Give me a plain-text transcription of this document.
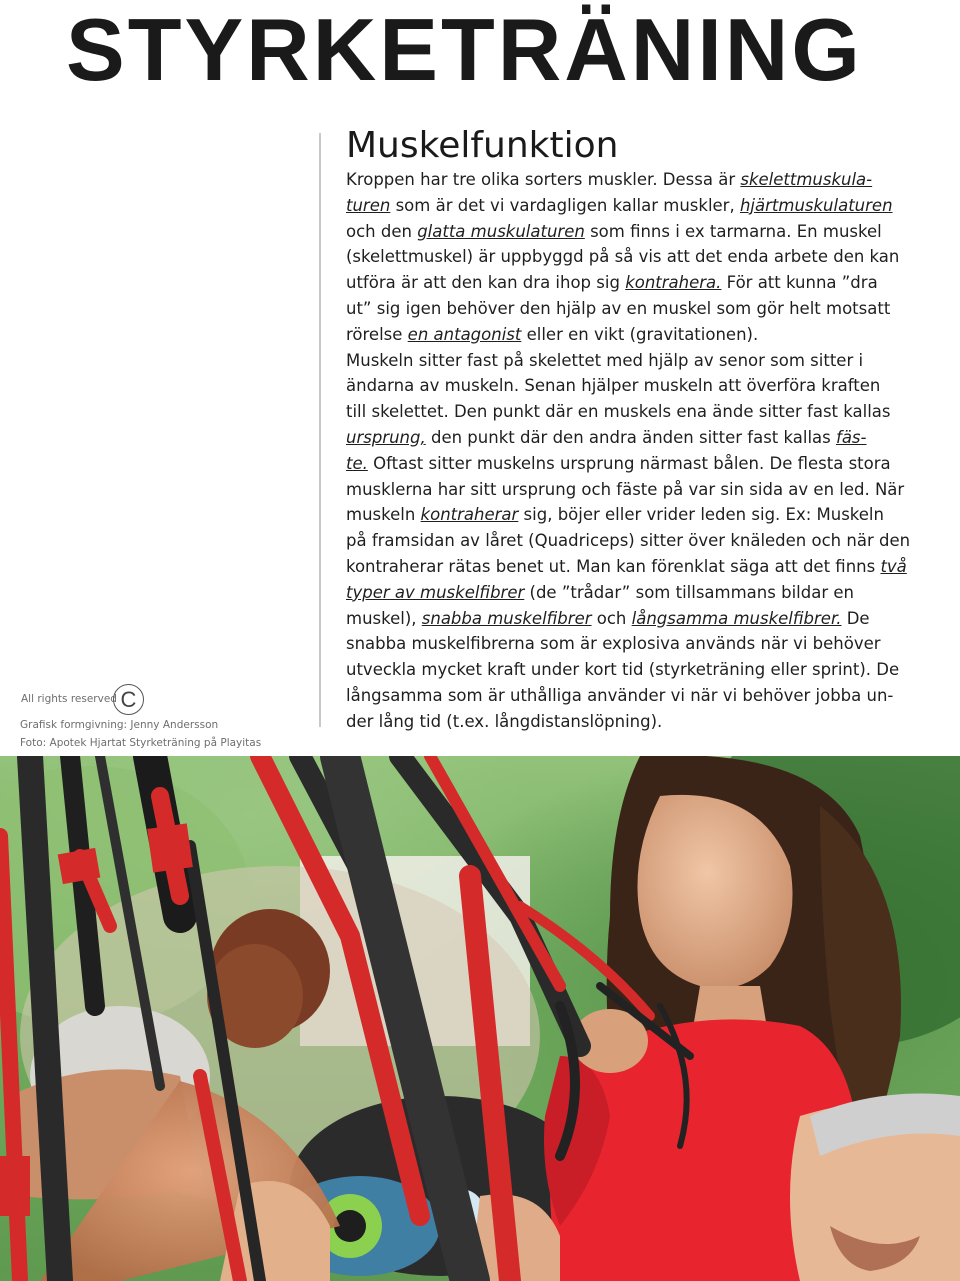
STYRKETRÄNING
All rights reserved C
Grafisk formgivning: Jenny Andersson
Foto: Apotek Hjartat Styrketräning på Playitas
Muskelfunktion
Kroppen har tre olika sorters muskler. Dessa är skelettmuskula-
turen som är det vi vardagligen kallar muskler, hjärtmuskulaturen
och den glatta muskulaturen som finns i ex tarmarna. En muskel
(skelettmuskel) är uppbyggd på så vis att det enda arbete den kan
utföra är att den kan dra ihop sig kontrahera. För att kunna ”dra
ut” sig igen behöver den hjälp av en muskel som gör helt motsatt
rörelse en antagonist eller en vikt (gravitationen).
Muskeln sitter fast på skelettet med hjälp av senor som sitter i
ändarna av muskeln. Senan hjälper muskeln att överföra kraften
till skelettet. Den punkt där en muskels ena ände sitter fast kallas
ursprung, den punkt där den andra änden sitter fast kallas fäs-
te. Oftast sitter muskelns ursprung närmast bålen. De flesta stora
musklerna har sitt ursprung och fäste på var sin sida av en led. När
muskeln kontraherar sig, böjer eller vrider leden sig. Ex: Muskeln
på framsidan av låret (Quadriceps) sitter över knäleden och när den
kontraherar rätas benet ut. Man kan förenklat säga att det finns två
typer av muskelfibrer (de ”trådar” som tillsammans bildar en
muskel), snabba muskelfibrer och långsamma muskelfibrer. De
snabba muskelfibrerna som är explosiva används när vi behöver
utveckla mycket kraft under kort tid (styrketräning eller sprint). De
långsamma som är uthålliga använder vi när vi behöver jobba un-
der lång tid (t.ex. långdistanslöpning).
